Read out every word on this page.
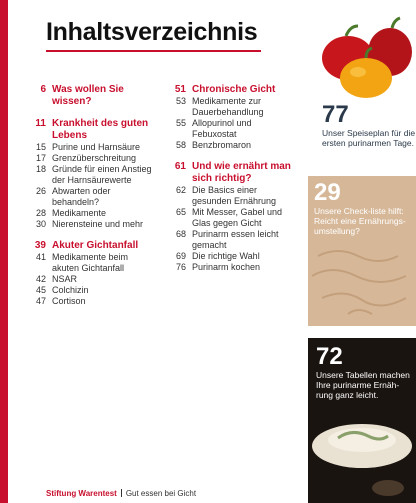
Inhaltsverzeichnis
6 Was wollen Sie wissen?
11 Krankheit des guten Lebens
15 Purine und Harnsäure
17 Grenzüberschreitung
18 Gründe für einen Anstieg der Harnsäurewerte
26 Abwarten oder behandeln?
28 Medikamente
30 Nierensteine und mehr
39 Akuter Gichtanfall
41 Medikamente beim akuten Gichtanfall
42 NSAR
45 Colchizin
47 Cortison
51 Chronische Gicht
53 Medikamente zur Dauerbehandlung
55 Allopurinol und Febuxostat
58 Benzbromaron
61 Und wie ernährt man sich richtig?
62 Die Basics einer gesunden Ernährung
65 Mit Messer, Gabel und Glas gegen Gicht
68 Purinarm essen leicht gemacht
69 Die richtige Wahl
76 Purinarm kochen
77
Unser Speiseplan für die ersten purinarmen Tage.
29
Unsere Check-liste hilft: Reicht eine Ernährungs-umstellung?
72
Unsere Tabellen machen Ihre purinarme Ernäh-rung ganz leicht.
Stiftung Warentest Gut essen bei Gicht
